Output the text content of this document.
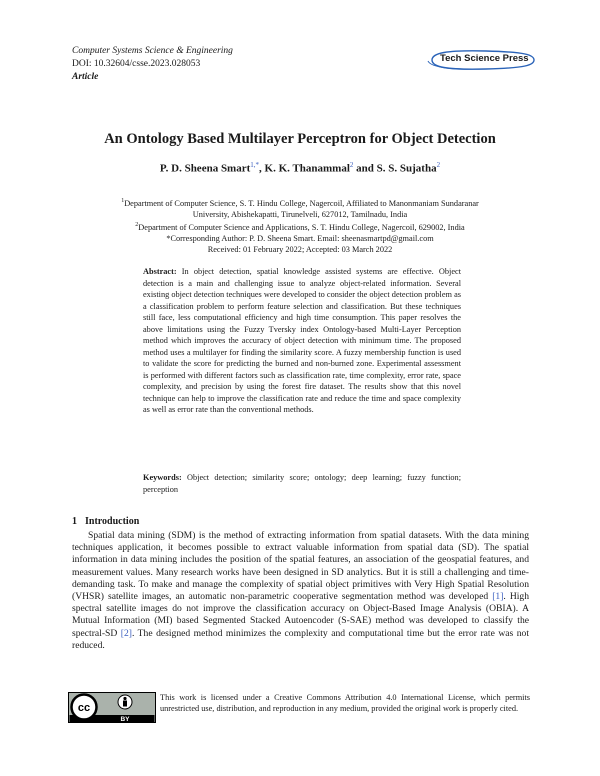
Computer Systems Science & Engineering
DOI: 10.32604/csse.2023.028053
Article
Tech Science Press
An Ontology Based Multilayer Perceptron for Object Detection
P. D. Sheena Smart$^{1,*}$, K. K. Thanammal$^2$ and S. S. Sujatha$^2$
$^1$Department of Computer Science, S. T. Hindu College, Nagercoil, Affiliated to Manonmaniam Sundaranar University, Abishekapatti, Tirunelveli, 627012, Tamilnadu, India
$^2$Department of Computer Science and Applications, S. T. Hindu College, Nagercoil, 629002, India
*Corresponding Author: P. D. Sheena Smart. Email: sheenasmartpd@gmail.com
Received: 01 February 2022; Accepted: 03 March 2022
Abstract: In object detection, spatial knowledge assisted systems are effective. Object detection is a main and challenging issue to analyze object-related information. Several existing object detection techniques were developed to consider the object detection problem as a classification problem to perform feature selection and classification. But these techniques still face, less computational efficiency and high time consumption. This paper resolves the above limitations using the Fuzzy Tversky index Ontology-based Multi-Layer Perception method which improves the accuracy of object detection with minimum time. The proposed method uses a multilayer for finding the similarity score. A fuzzy membership function is used to validate the score for predicting the burned and non-burned zone. Experimental assessment is performed with different factors such as classification rate, time complexity, error rate, space complexity, and precision by using the forest fire dataset. The results show that this novel technique can help to improve the classification rate and reduce the time and space complexity as well as error rate than the conventional methods.
Keywords: Object detection; similarity score; ontology; deep learning; fuzzy function; perception
1 Introduction
Spatial data mining (SDM) is the method of extracting information from spatial datasets. With the data mining techniques application, it becomes possible to extract valuable information from spatial data (SD). The spatial information in data mining includes the position of the spatial features, an association of the geospatial features, and measurement values. Many research works have been designed in SD analytics. But it is still a challenging and time-demanding task. To make and manage the complexity of spatial object primitives with Very High Spatial Resolution (VHSR) satellite images, an automatic non-parametric cooperative segmentation method was developed [1]. High spectral satellite images do not improve the classification accuracy on Object-Based Image Analysis (OBIA). A Mutual Information (MI) based Segmented Stacked Autoencoder (S-SAE) method was developed to classify the spectral-SD [2]. The designed method minimizes the complexity and computational time but the error rate was not reduced.
cc
BY
This work is licensed under a Creative Commons Attribution 4.0 International License, which permits unrestricted use, distribution, and reproduction in any medium, provided the original work is properly cited.
